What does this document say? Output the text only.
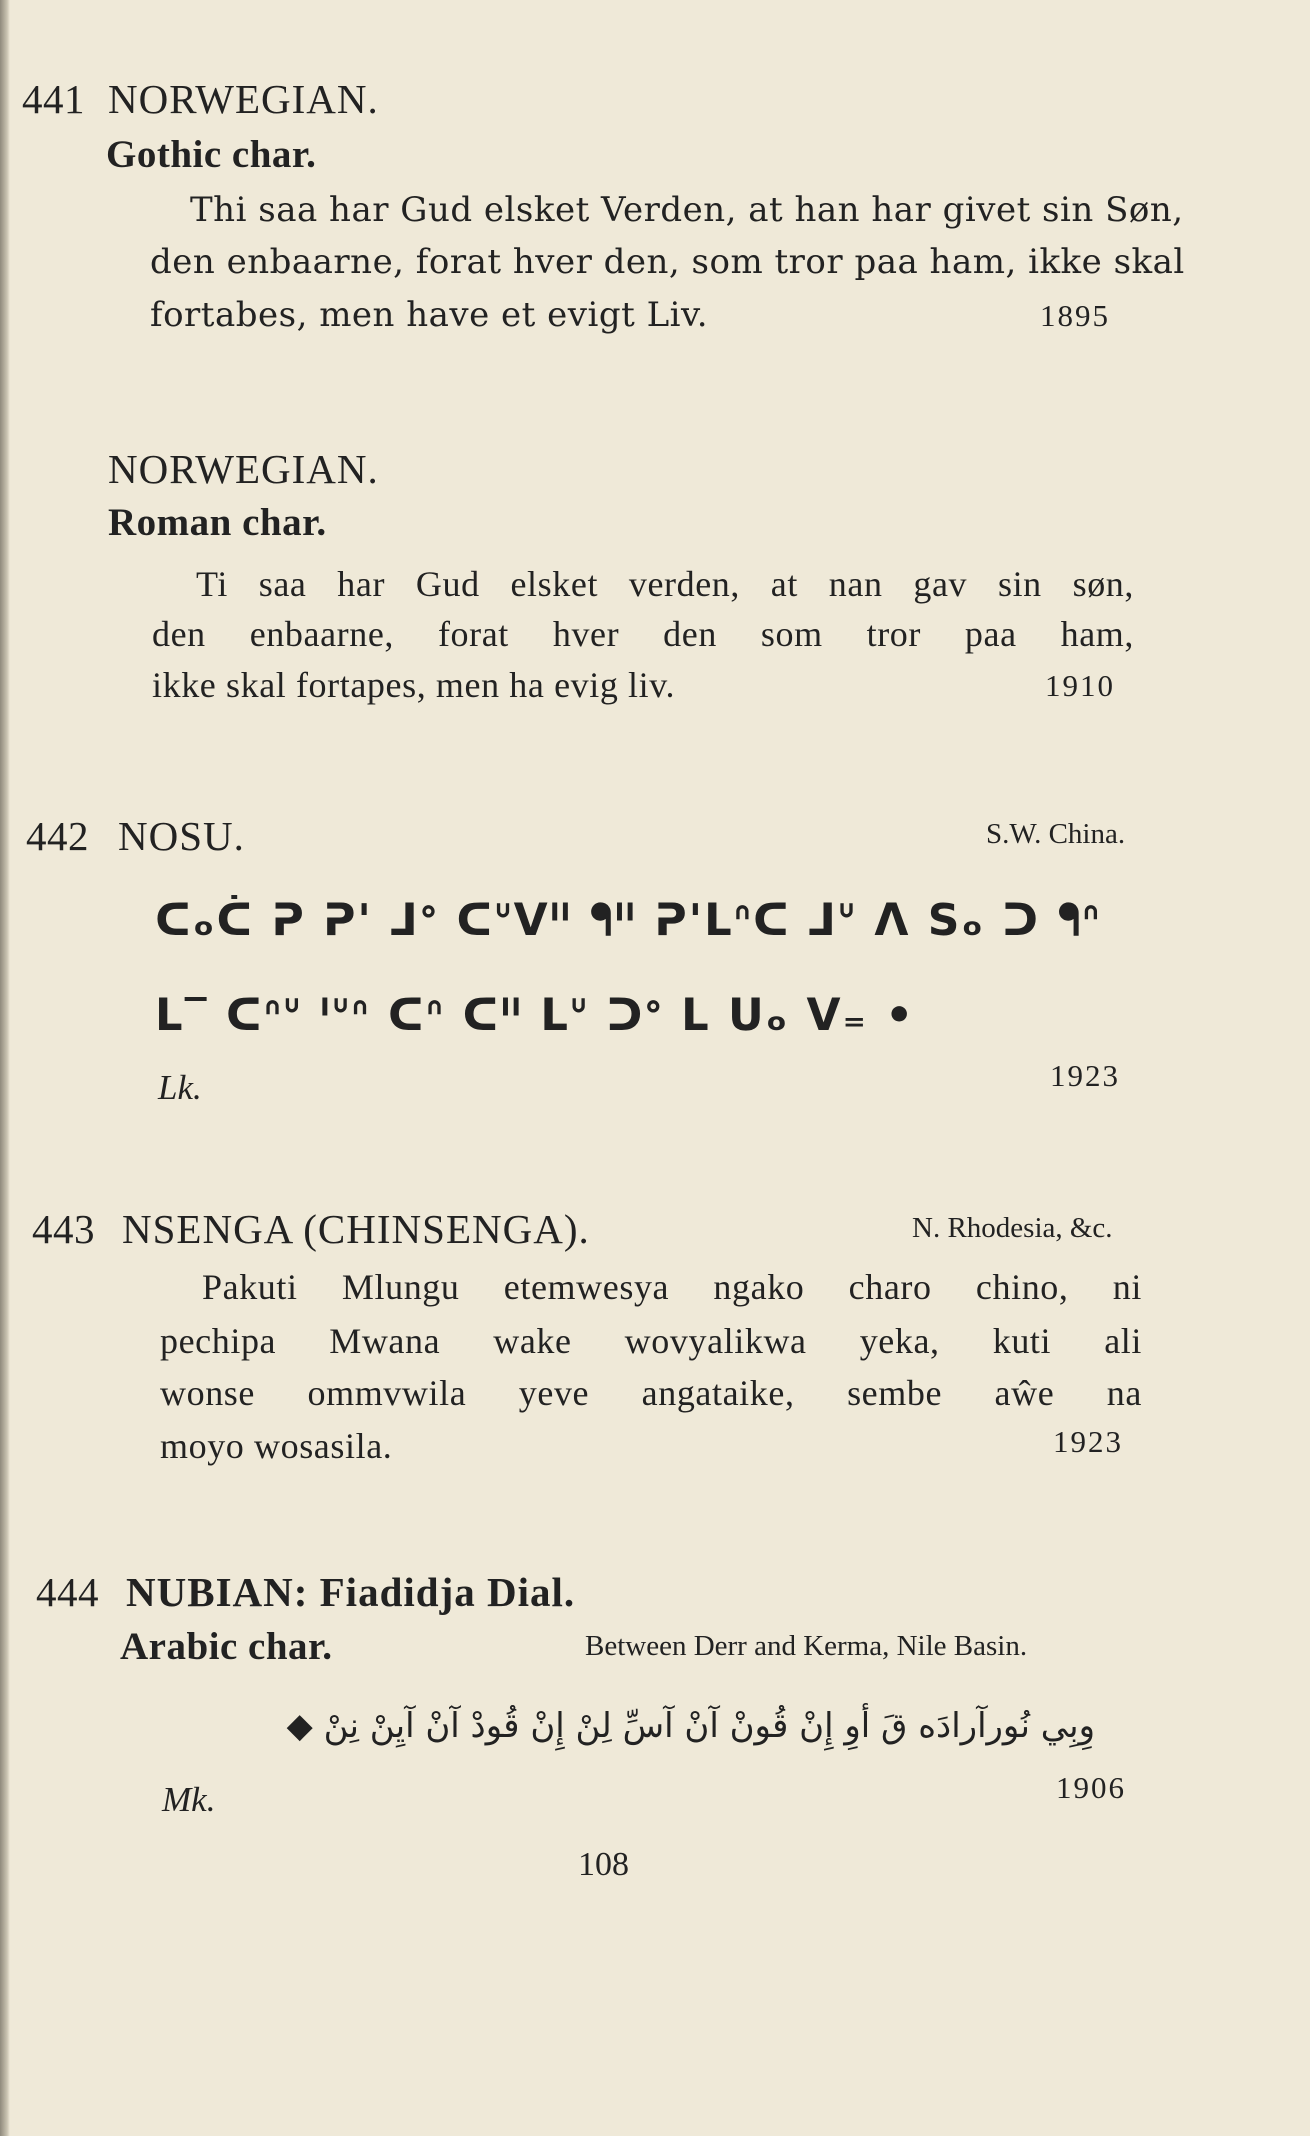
441 NORWEGIAN.
Gothic char.
Thi saa har Gud elsket Verden, at han har givet sin Søn,
den enbaarne, forat hver den, som tror paa ham, ikke skal
fortabes, men have et evigt Liv.	1895
NORWEGIAN.
Roman char.
Ti saa har Gud elsket verden, at nan gav sin søn,
den enbaarne, forat hver den som tror paa ham,
ikke skal fortapes, men ha evig liv.	1910
442 NOSU.	S.W. China.
ᑕₒᑖ ᕈ ᕈ' ᒧᐤ ᑕᐡᐯᐦ ᖳᐦ ᕈ'ᒪᐢᑕ ᒧᐡ ᐱ Sₒ ᑐ ᖳᐢ
ᒪ‾ ᑕᐢᐡ ᑊᐡᐢ ᑕᐢ ᑕᐦ ᒪᐡ ᑐᐤ ᒪ ᑌₒ ᐯ₌ •
Lk.	1923
443 NSENGA (CHINSENGA).	N. Rhodesia, &c.
Pakuti Mlungu etemwesya ngako charo chino, ni
pechipa Mwana wake wovyalikwa yeka, kuti ali
wonse ommvwila yeve angataike, sembe aŵe na
moyo wosasila.	1923
444 NUBIAN: Fiadidja Dial.
Arabic char.	Between Derr and Kerma, Nile Basin.
وِبِي نُورآرادَه قَ أوِ إِنْ قُونْ آنْ آسِّ لِنْ إِنْ قُودْ آنْ آيِنْ نِنْ ◆
Mk.	1906
108
